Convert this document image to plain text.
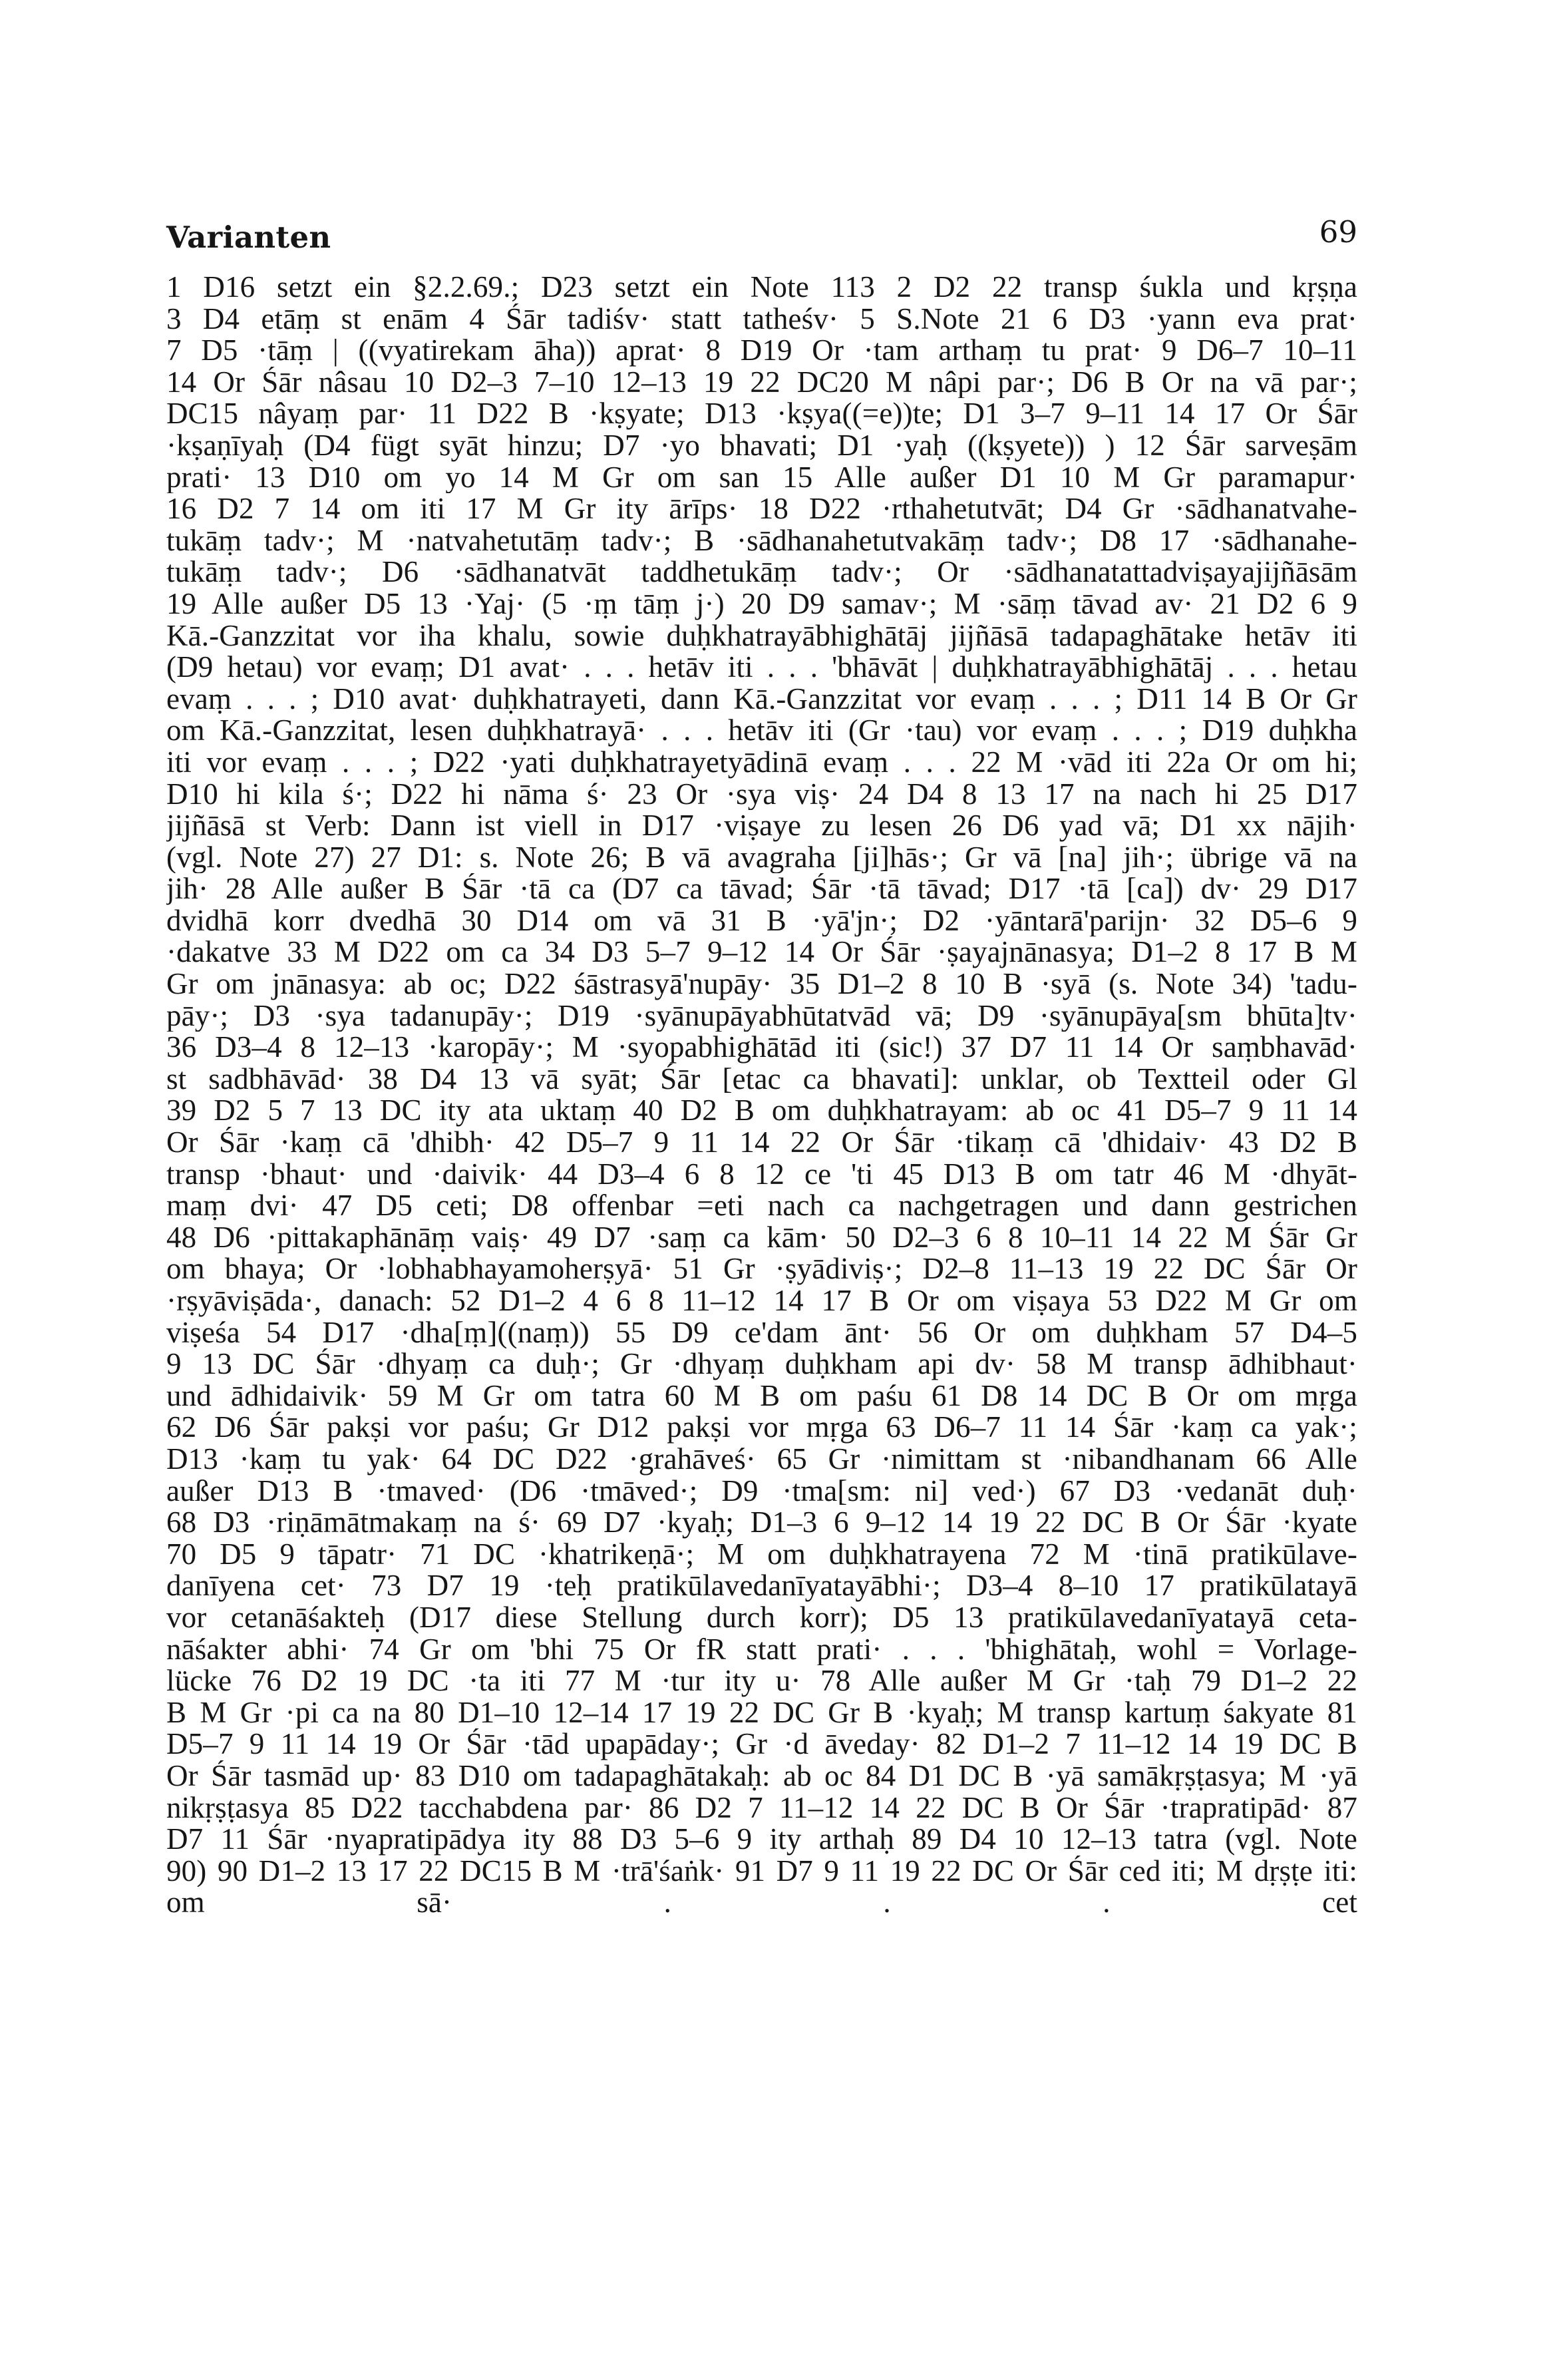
Varianten	69
1 D16 setzt ein §2.2.69.; D23 setzt ein Note 113 2 D2 22 transp śukla und kṛṣṇa
3 D4 etāṃ st enām 4 Śār tadiśv· statt tatheśv· 5 S.Note 21 6 D3 ·yann eva prat·
7 D5 ·tāṃ | ((vyatirekam āha)) aprat· 8 D19 Or ·tam arthaṃ tu prat· 9 D6–7 10–11
14 Or Śār nâsau 10 D2–3 7–10 12–13 19 22 DC20 M nâpi par·; D6 B Or na vā par·;
DC15 nâyaṃ par· 11 D22 B ·kṣyate; D13 ·kṣya((=e))te; D1 3–7 9–11 14 17 Or Śār
·kṣaṇīyaḥ (D4 fügt syāt hinzu; D7 ·yo bhavati; D1 ·yaḥ ((kṣyete)) ) 12 Śār sarveṣām
prati· 13 D10 om yo 14 M Gr om san 15 Alle außer D1 10 M Gr paramapur·
16 D2 7 14 om iti 17 M Gr ity ārīps· 18 D22 ·rthahetutvāt; D4 Gr ·sādhanatvahe-
tukāṃ tadv·; M ·natvahetutāṃ tadv·; B ·sādhanahetutvakāṃ tadv·; D8 17 ·sādhanahe-
tukāṃ tadv·; D6 ·sādhanatvāt taddhetukāṃ tadv·; Or ·sādhanatattadviṣayajijñāsām
19 Alle außer D5 13 ·Yaj· (5 ·ṃ tāṃ j·) 20 D9 samav·; M ·sāṃ tāvad av· 21 D2 6 9
Kā.-Ganzzitat vor iha khalu, sowie duḥkhatrayābhighātāj jijñāsā tadapaghātake hetāv iti
(D9 hetau) vor evaṃ; D1 avat· . . . hetāv iti . . . 'bhāvāt | duḥkhatrayābhighātāj . . . hetau
evaṃ . . . ; D10 avat· duḥkhatrayeti, dann Kā.-Ganzzitat vor evaṃ . . . ; D11 14 B Or Gr
om Kā.-Ganzzitat, lesen duḥkhatrayā· . . . hetāv iti (Gr ·tau) vor evaṃ . . . ; D19 duḥkha
iti vor evaṃ . . . ; D22 ·yati duḥkhatrayetyādinā evaṃ . . . 22 M ·vād iti 22a Or om hi;
D10 hi kila ś·; D22 hi nāma ś· 23 Or ·sya viṣ· 24 D4 8 13 17 na nach hi 25 D17
jijñāsā st Verb: Dann ist viell in D17 ·viṣaye zu lesen 26 D6 yad vā; D1 xx nājih·
(vgl. Note 27) 27 D1: s. Note 26; B vā avagraha [ji]hās·; Gr vā [na] jih·; übrige vā na
jih· 28 Alle außer B Śār ·tā ca (D7 ca tāvad; Śār ·tā tāvad; D17 ·tā [ca]) dv· 29 D17
dvidhā korr dvedhā 30 D14 om vā 31 B ·yā'jn·; D2 ·yāntarā'parijn· 32 D5–6 9
·dakatve 33 M D22 om ca 34 D3 5–7 9–12 14 Or Śār ·ṣayajnānasya; D1–2 8 17 B M
Gr om jnānasya: ab oc; D22 śāstrasyā'nupāy· 35 D1–2 8 10 B ·syā (s. Note 34) 'tadu-
pāy·; D3 ·sya tadanupāy·; D19 ·syānupāyabhūtatvād vā; D9 ·syānupāya[sm bhūta]tv·
36 D3–4 8 12–13 ·karopāy·; M ·syopabhighātād iti (sic!) 37 D7 11 14 Or saṃbhavād·
st sadbhāvād· 38 D4 13 vā syāt; Śār [etac ca bhavati]: unklar, ob Textteil oder Gl
39 D2 5 7 13 DC ity ata uktaṃ 40 D2 B om duḥkhatrayam: ab oc 41 D5–7 9 11 14
Or Śār ·kaṃ cā 'dhibh· 42 D5–7 9 11 14 22 Or Śār ·tikaṃ cā 'dhidaiv· 43 D2 B
transp ·bhaut· und ·daivik· 44 D3–4 6 8 12 ce 'ti 45 D13 B om tatr 46 M ·dhyāt-
maṃ dvi· 47 D5 ceti; D8 offenbar =eti nach ca nachgetragen und dann gestrichen
48 D6 ·pittakaphānāṃ vaiṣ· 49 D7 ·saṃ ca kām· 50 D2–3 6 8 10–11 14 22 M Śār Gr
om bhaya; Or ·lobhabhayamoherṣyā· 51 Gr ·ṣyādiviṣ·; D2–8 11–13 19 22 DC Śār Or
·rṣyāviṣāda·, danach: 52 D1–2 4 6 8 11–12 14 17 B Or om viṣaya 53 D22 M Gr om
viṣeśa 54 D17 ·dha[ṃ]((naṃ)) 55 D9 ce'dam ānt· 56 Or om duḥkham 57 D4–5
9 13 DC Śār ·dhyaṃ ca duḥ·; Gr ·dhyaṃ duḥkham api dv· 58 M transp ādhibhaut·
und ādhidaivik· 59 M Gr om tatra 60 M B om paśu 61 D8 14 DC B Or om mṛga
62 D6 Śār pakṣi vor paśu; Gr D12 pakṣi vor mṛga 63 D6–7 11 14 Śār ·kaṃ ca yak·;
D13 ·kaṃ tu yak· 64 DC D22 ·grahāveś· 65 Gr ·nimittam st ·nibandhanam 66 Alle
außer D13 B ·tmaved· (D6 ·tmāved·; D9 ·tma[sm: ni] ved·) 67 D3 ·vedanāt duḥ·
68 D3 ·riṇāmātmakaṃ na ś· 69 D7 ·kyaḥ; D1–3 6 9–12 14 19 22 DC B Or Śār ·kyate
70 D5 9 tāpatr· 71 DC ·khatrikeṇā·; M om duḥkhatrayena 72 M ·tinā pratikūlave-
danīyena cet· 73 D7 19 ·teḥ pratikūlavedanīyatayābhi·; D3–4 8–10 17 pratikūlatayā
vor cetanāśakteḥ (D17 diese Stellung durch korr); D5 13 pratikūlavedanīyatayā ceta-
nāśakter abhi· 74 Gr om 'bhi 75 Or fR statt prati· . . . 'bhighātaḥ, wohl = Vorlage-
lücke 76 D2 19 DC ·ta iti 77 M ·tur ity u· 78 Alle außer M Gr ·taḥ 79 D1–2 22
B M Gr ·pi ca na 80 D1–10 12–14 17 19 22 DC Gr B ·kyaḥ; M transp kartuṃ śakyate 81
D5–7 9 11 14 19 Or Śār ·tād upapāday·; Gr ·d āveday· 82 D1–2 7 11–12 14 19 DC B
Or Śār tasmād up· 83 D10 om tadapaghātakaḥ: ab oc 84 D1 DC B ·yā samākṛṣṭasya; M ·yā
nikṛṣṭasya 85 D22 tacchabdena par· 86 D2 7 11–12 14 22 DC B Or Śār ·trapratipād· 87
D7 11 Śār ·nyapratipādya ity 88 D3 5–6 9 ity arthaḥ 89 D4 10 12–13 tatra (vgl. Note
90) 90 D1–2 13 17 22 DC15 B M ·trā'śaṅk· 91 D7 9 11 19 22 DC Or Śār ced iti; M dṛṣṭe iti:
om sā· . . . cet
